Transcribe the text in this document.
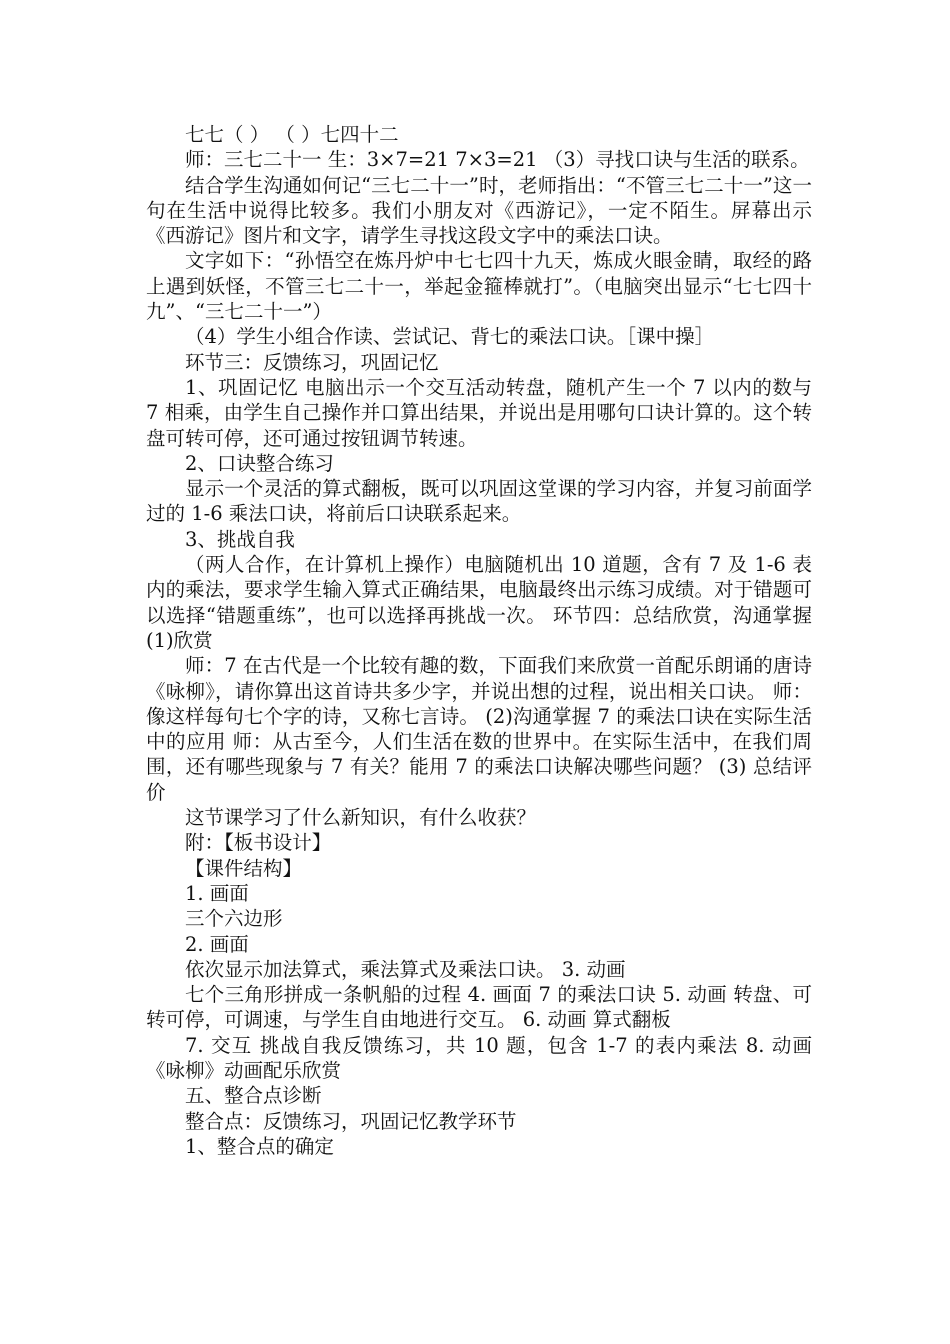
七七（ ） （ ）七四十二

师：三七二十一 生：3×7=21 7×3=21 （3）寻找口诀与生活的联系。

结合学生沟通如何记“三七二十一”时，老师指出：“不管三七二十一”这一句在生活中说得比较多。我们小朋友对《西游记》，一定不陌生。屏幕出示《西游记》图片和文字，请学生寻找这段文字中的乘法口诀。

文字如下：“孙悟空在炼丹炉中七七四十九天，炼成火眼金睛，取经的路上遇到妖怪，不管三七二十一，举起金箍棒就打”。（电脑突出显示“七七四十九”、“三七二十一”）

（4）学生小组合作读、尝试记、背七的乘法口诀。［课中操］

环节三：反馈练习，巩固记忆

1、巩固记忆 电脑出示一个交互活动转盘，随机产生一个 7 以内的数与 7 相乘，由学生自己操作并口算出结果，并说出是用哪句口诀计算的。这个转盘可转可停，还可通过按钮调节转速。

2、口诀整合练习

显示一个灵活的算式翻板，既可以巩固这堂课的学习内容，并复习前面学过的 1-6 乘法口诀，将前后口诀联系起来。

3、挑战自我

（两人合作，在计算机上操作）电脑随机出 10 道题，含有 7 及 1-6 表内的乘法，要求学生输入算式正确结果，电脑最终出示练习成绩。对于错题可以选择“错题重练”，也可以选择再挑战一次。 环节四：总结欣赏，沟通掌握 (1)欣赏

师：7 在古代是一个比较有趣的数，下面我们来欣赏一首配乐朗诵的唐诗《咏柳》，请你算出这首诗共多少字，并说出想的过程，说出相关口诀。 师：像这样每句七个字的诗，又称七言诗。 (2)沟通掌握 7 的乘法口诀在实际生活中的应用 师：从古至今，人们生活在数的世界中。在实际生活中，在我们周围，还有哪些现象与 7 有关？能用 7 的乘法口诀解决哪些问题？ (3) 总结评价

这节课学习了什么新知识，有什么收获？

附：【板书设计】

【课件结构】

1. 画面

三个六边形

2. 画面

依次显示加法算式，乘法算式及乘法口诀。 3. 动画

七个三角形拼成一条帆船的过程 4. 画面 7 的乘法口诀 5. 动画 转盘、可转可停，可调速，与学生自由地进行交互。 6. 动画 算式翻板

7. 交互 挑战自我反馈练习，共 10 题，包含 1-7 的表内乘法 8. 动画 《咏柳》动画配乐欣赏

五、整合点诊断

整合点：反馈练习，巩固记忆教学环节

1、整合点的确定
